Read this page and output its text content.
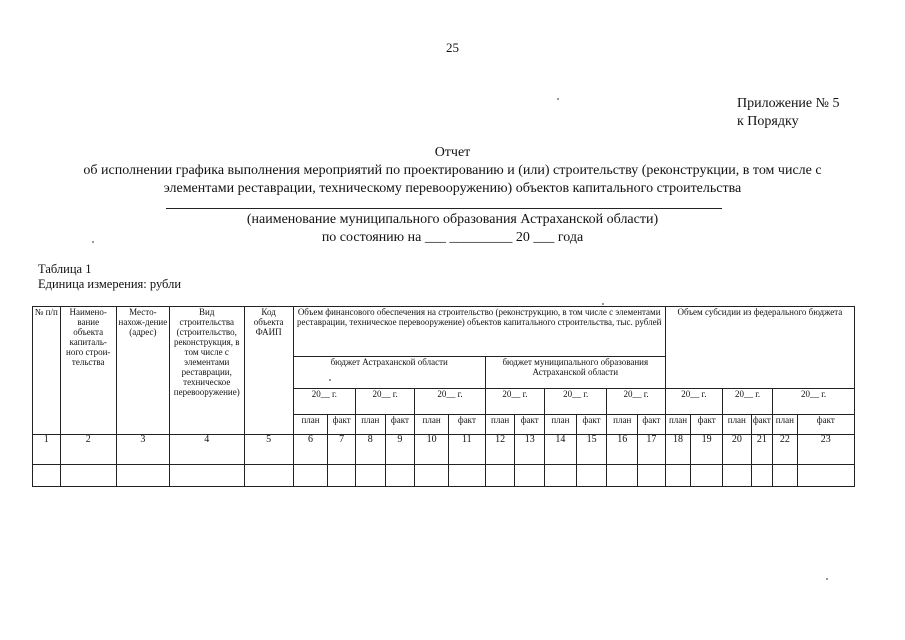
25
Приложение № 5
к Порядку
Отчет
об исполнении графика выполнения мероприятий по проектированию и (или) строительству (реконструкции, в том числе с
элементами реставрации, техническому перевооружению) объектов капитального строительства
(наименование муниципального образования Астраханской области)
по состоянию на ___ _________ 20 ___ года
Таблица 1
Единица измерения: рубли
№ п/п	Наимено-вание объекта капиталь-ного строи-тельства	Место-нахож-дение (адрес)	Вид строительства (строительство, реконструкция, в том числе с элементами реставрации, техническое перевооружение)	Код объекта ФАИП	Объем финансового обеспечения на строительство (реконструкцию, в том числе с элементами реставрации, техническое перевооружение) объектов капитального строительства, тыс. рублей												Объем субсидии из федерального бюджета					
					бюджет Астраханской области						бюджет муниципального образования Астраханской области											
					20__ г.		20__ г.		20__ г.		20__ г.		20__ г.		20__ г.		20__ г.		20__ г.		20__ г.	
					план	факт	план	факт	план	факт	план	факт	план	факт	план	факт	план	факт	план	факт	план	факт
1	2	3	4	5	6	7	8	9	10	11	12	13	14	15	16	17	18	19	20	21	22	23
